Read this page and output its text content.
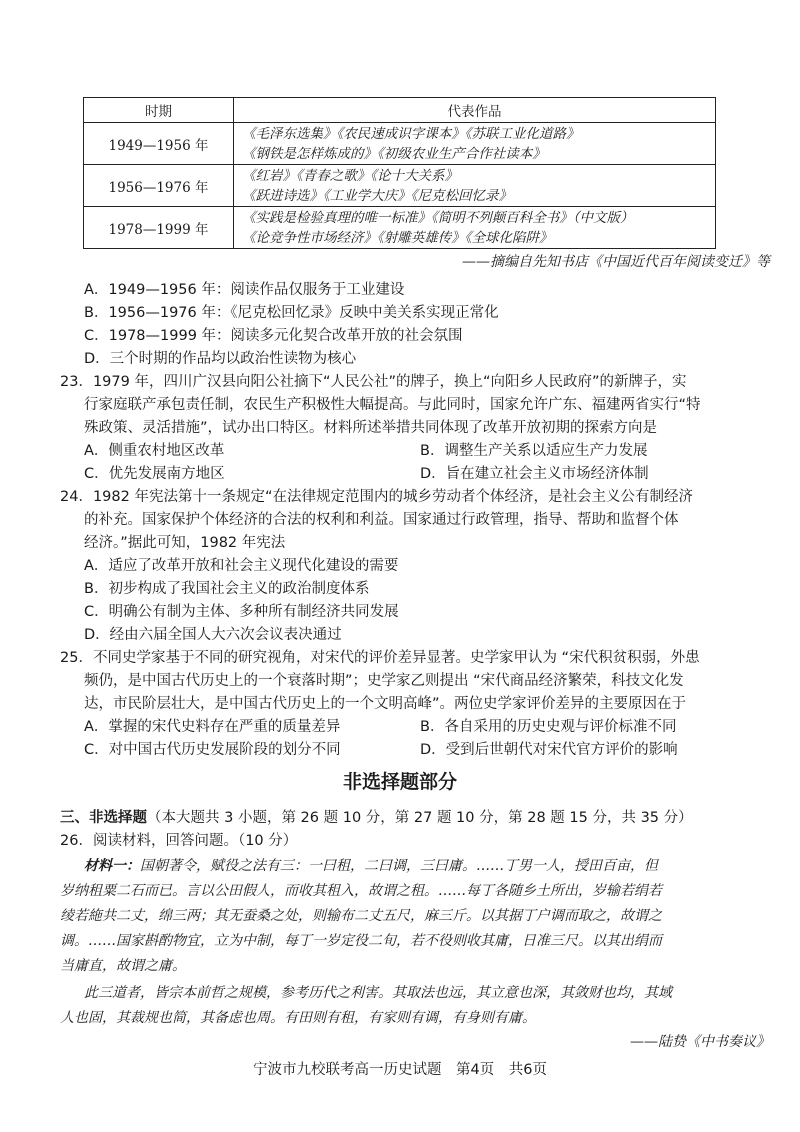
时期	代表作品
1949—1956 年	《毛泽东选集》《农民速成识字课本》《苏联工业化道路》
《钢铁是怎样炼成的》《初级农业生产合作社读本》

1956—1976 年	《红岩》《青春之歌》《论十大关系》
《跃进诗选》《工业学大庆》《尼克松回忆录》

1978—1999 年	《实践是检验真理的唯一标准》《简明不列颠百科全书》（中文版）
《论竞争性市场经济》《射雕英雄传》《全球化陷阱》
——摘编自先知书店《中国近代百年阅读变迁》等
A．1949—1956 年：阅读作品仅服务于工业建设
B．1956—1976 年：《尼克松回忆录》反映中美关系实现正常化
C．1978—1999 年：阅读多元化契合改革开放的社会氛围
D．三个时期的作品均以政治性读物为核心
23．1979 年，四川广汉县向阳公社摘下“人民公社”的牌子，换上“向阳乡人民政府”的新牌子，实
行家庭联产承包责任制，农民生产积极性大幅提高。与此同时，国家允许广东、福建两省实行“特
殊政策、灵活措施”，试办出口特区。材料所述举措共同体现了改革开放初期的探索方向是
A．侧重农村地区改革	B．调整生产关系以适应生产力发展
C．优先发展南方地区	D．旨在建立社会主义市场经济体制
24．1982 年宪法第十一条规定“在法律规定范围内的城乡劳动者个体经济，是社会主义公有制经济
的补充。国家保护个体经济的合法的权利和利益。国家通过行政管理，指导、帮助和监督个体
经济。”据此可知，1982 年宪法
A．适应了改革开放和社会主义现代化建设的需要
B．初步构成了我国社会主义的政治制度体系
C．明确公有制为主体、多种所有制经济共同发展
D．经由六届全国人大六次会议表决通过
25．不同史学家基于不同的研究视角，对宋代的评价差异显著。史学家甲认为 “宋代积贫积弱，外患
频仍，是中国古代历史上的一个衰落时期”；史学家乙则提出 “宋代商品经济繁荣，科技文化发
达，市民阶层壮大，是中国古代历史上的一个文明高峰”。两位史学家评价差异的主要原因在于
A．掌握的宋代史料存在严重的质量差异	B．各自采用的历史史观与评价标准不同
C．对中国古代历史发展阶段的划分不同	D．受到后世朝代对宋代官方评价的影响
非选择题部分
三、非选择题（本大题共 3 小题，第 26 题 10 分，第 27 题 10 分，第 28 题 15 分，共 35 分）
26．阅读材料，回答问题。（10 分）
材料一：国朝著令，赋役之法有三：一曰租，二曰调，三曰庸。……丁男一人，授田百亩，但
岁纳租粟二石而已。言以公田假人，而收其租入，故谓之租。……每丁各随乡土所出，岁输若绢若
绫若絁共二丈，绵三两；其无蚕桑之处，则输布二丈五尺，麻三斤。以其据丁户调而取之，故谓之
调。……国家斟酌物宜，立为中制，每丁一岁定役二旬，若不役则收其庸，日准三尺。以其出绢而
当庸直，故谓之庸。
此三道者，皆宗本前哲之规模，参考历代之利害。其取法也远，其立意也深，其敛财也均，其域
人也固，其裁规也简，其备虑也周。有田则有租，有家则有调，有身则有庸。
——陆贽《中书奏议》
宁波市九校联考高一历史试题　第4页　共6页
